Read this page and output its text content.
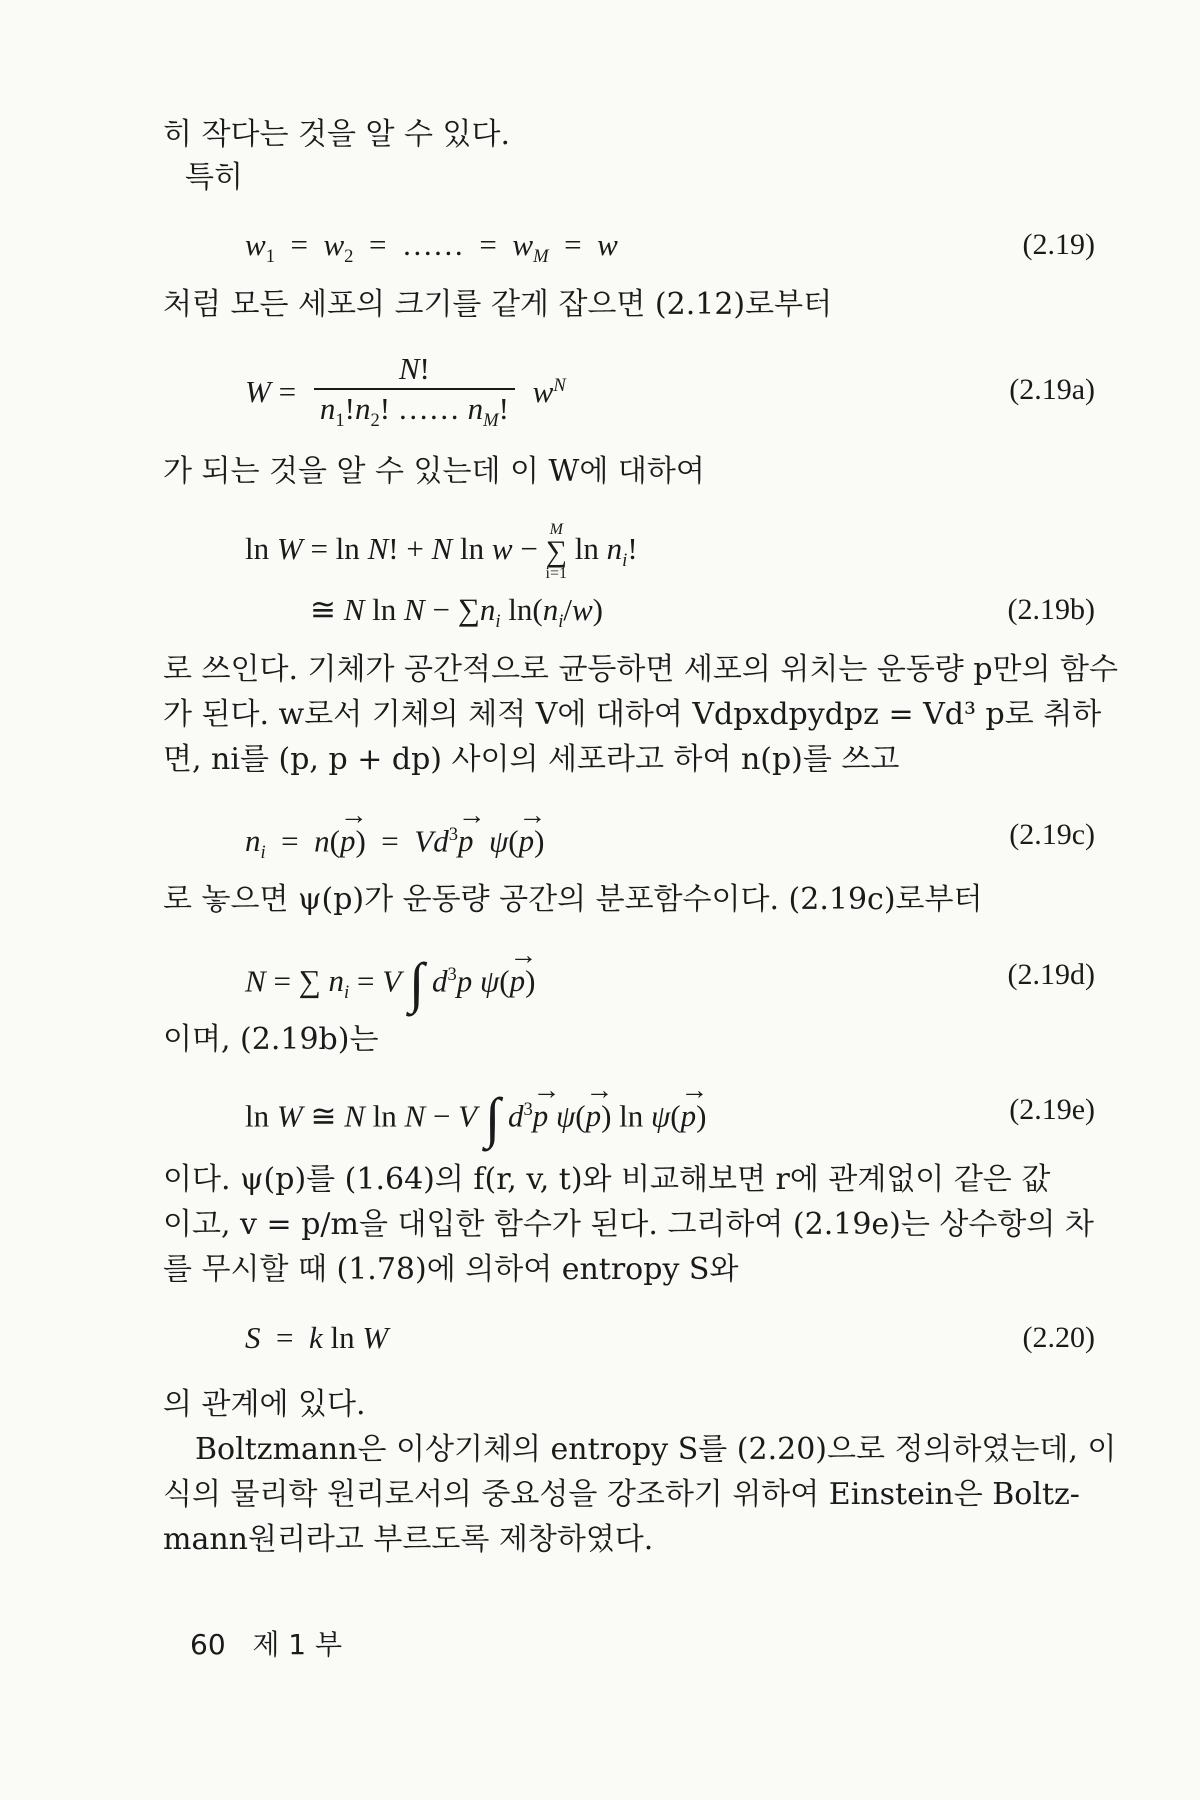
히 작다는 것을 알 수 있다.
특히
$w_1 = w_2$  =  ……  =  $w_M = w$	(2.19)
처럼 모든 세포의 크기를 같게 잡으면 (2.12)로부터
$W = \frac{N!}{n_1!n_2! \dots\dots n_M!} w^N$	(2.19a)
가 되는 것을 알 수 있는데 이 W에 대하여
ln W = ln N! + N ln w −
M
∑
i=1
$\ln n_i$!
≅ N $\ln N - \sum n_i$ $\ln(n_i/w)$	(2.19b)
로 쓰인다. 기체가 공간적으로 균등하면 세포의 위치는 운동량 p만의 함수
가 된다. w로서 기체의 체적 V에 대하여 Vdpxdpydpz = Vd³ p로 취하
면, ni를 (p, p + dp) 사이의 세포라고 하여 n(p)를 쓰고
$n_i = n(\to p) = Vd^3\to p$ ψ(→ p)	(2.19c)
로 놓으면 ψ(p)가 운동량 공간의 분포함수이다. (2.19c)로부터
N = ∑ $n_i = V$ ∫ $d^3p$ ψ(→ p)	(2.19d)
이며, (2.19b)는
ln W ≅ N ln N − V ∫ $d^3\to p$ ψ(→ p) ln ψ(→ p)	(2.19e)
이다. ψ(p)를 (1.64)의 f(r, v, t)와 비교해보면 r에 관계없이 같은 값
이고, v = p/m을 대입한 함수가 된다. 그리하여 (2.19e)는 상수항의 차
를 무시할 때 (1.78)에 의하여 entropy S와
S  =  k ln W	(2.20)
의 관계에 있다.
Boltzmann은 이상기체의 entropy S를 (2.20)으로 정의하였는데, 이
식의 물리학 원리로서의 중요성을 강조하기 위하여 Einstein은 Boltz-
mann원리라고 부르도록 제창하였다.
60 제 1 부
